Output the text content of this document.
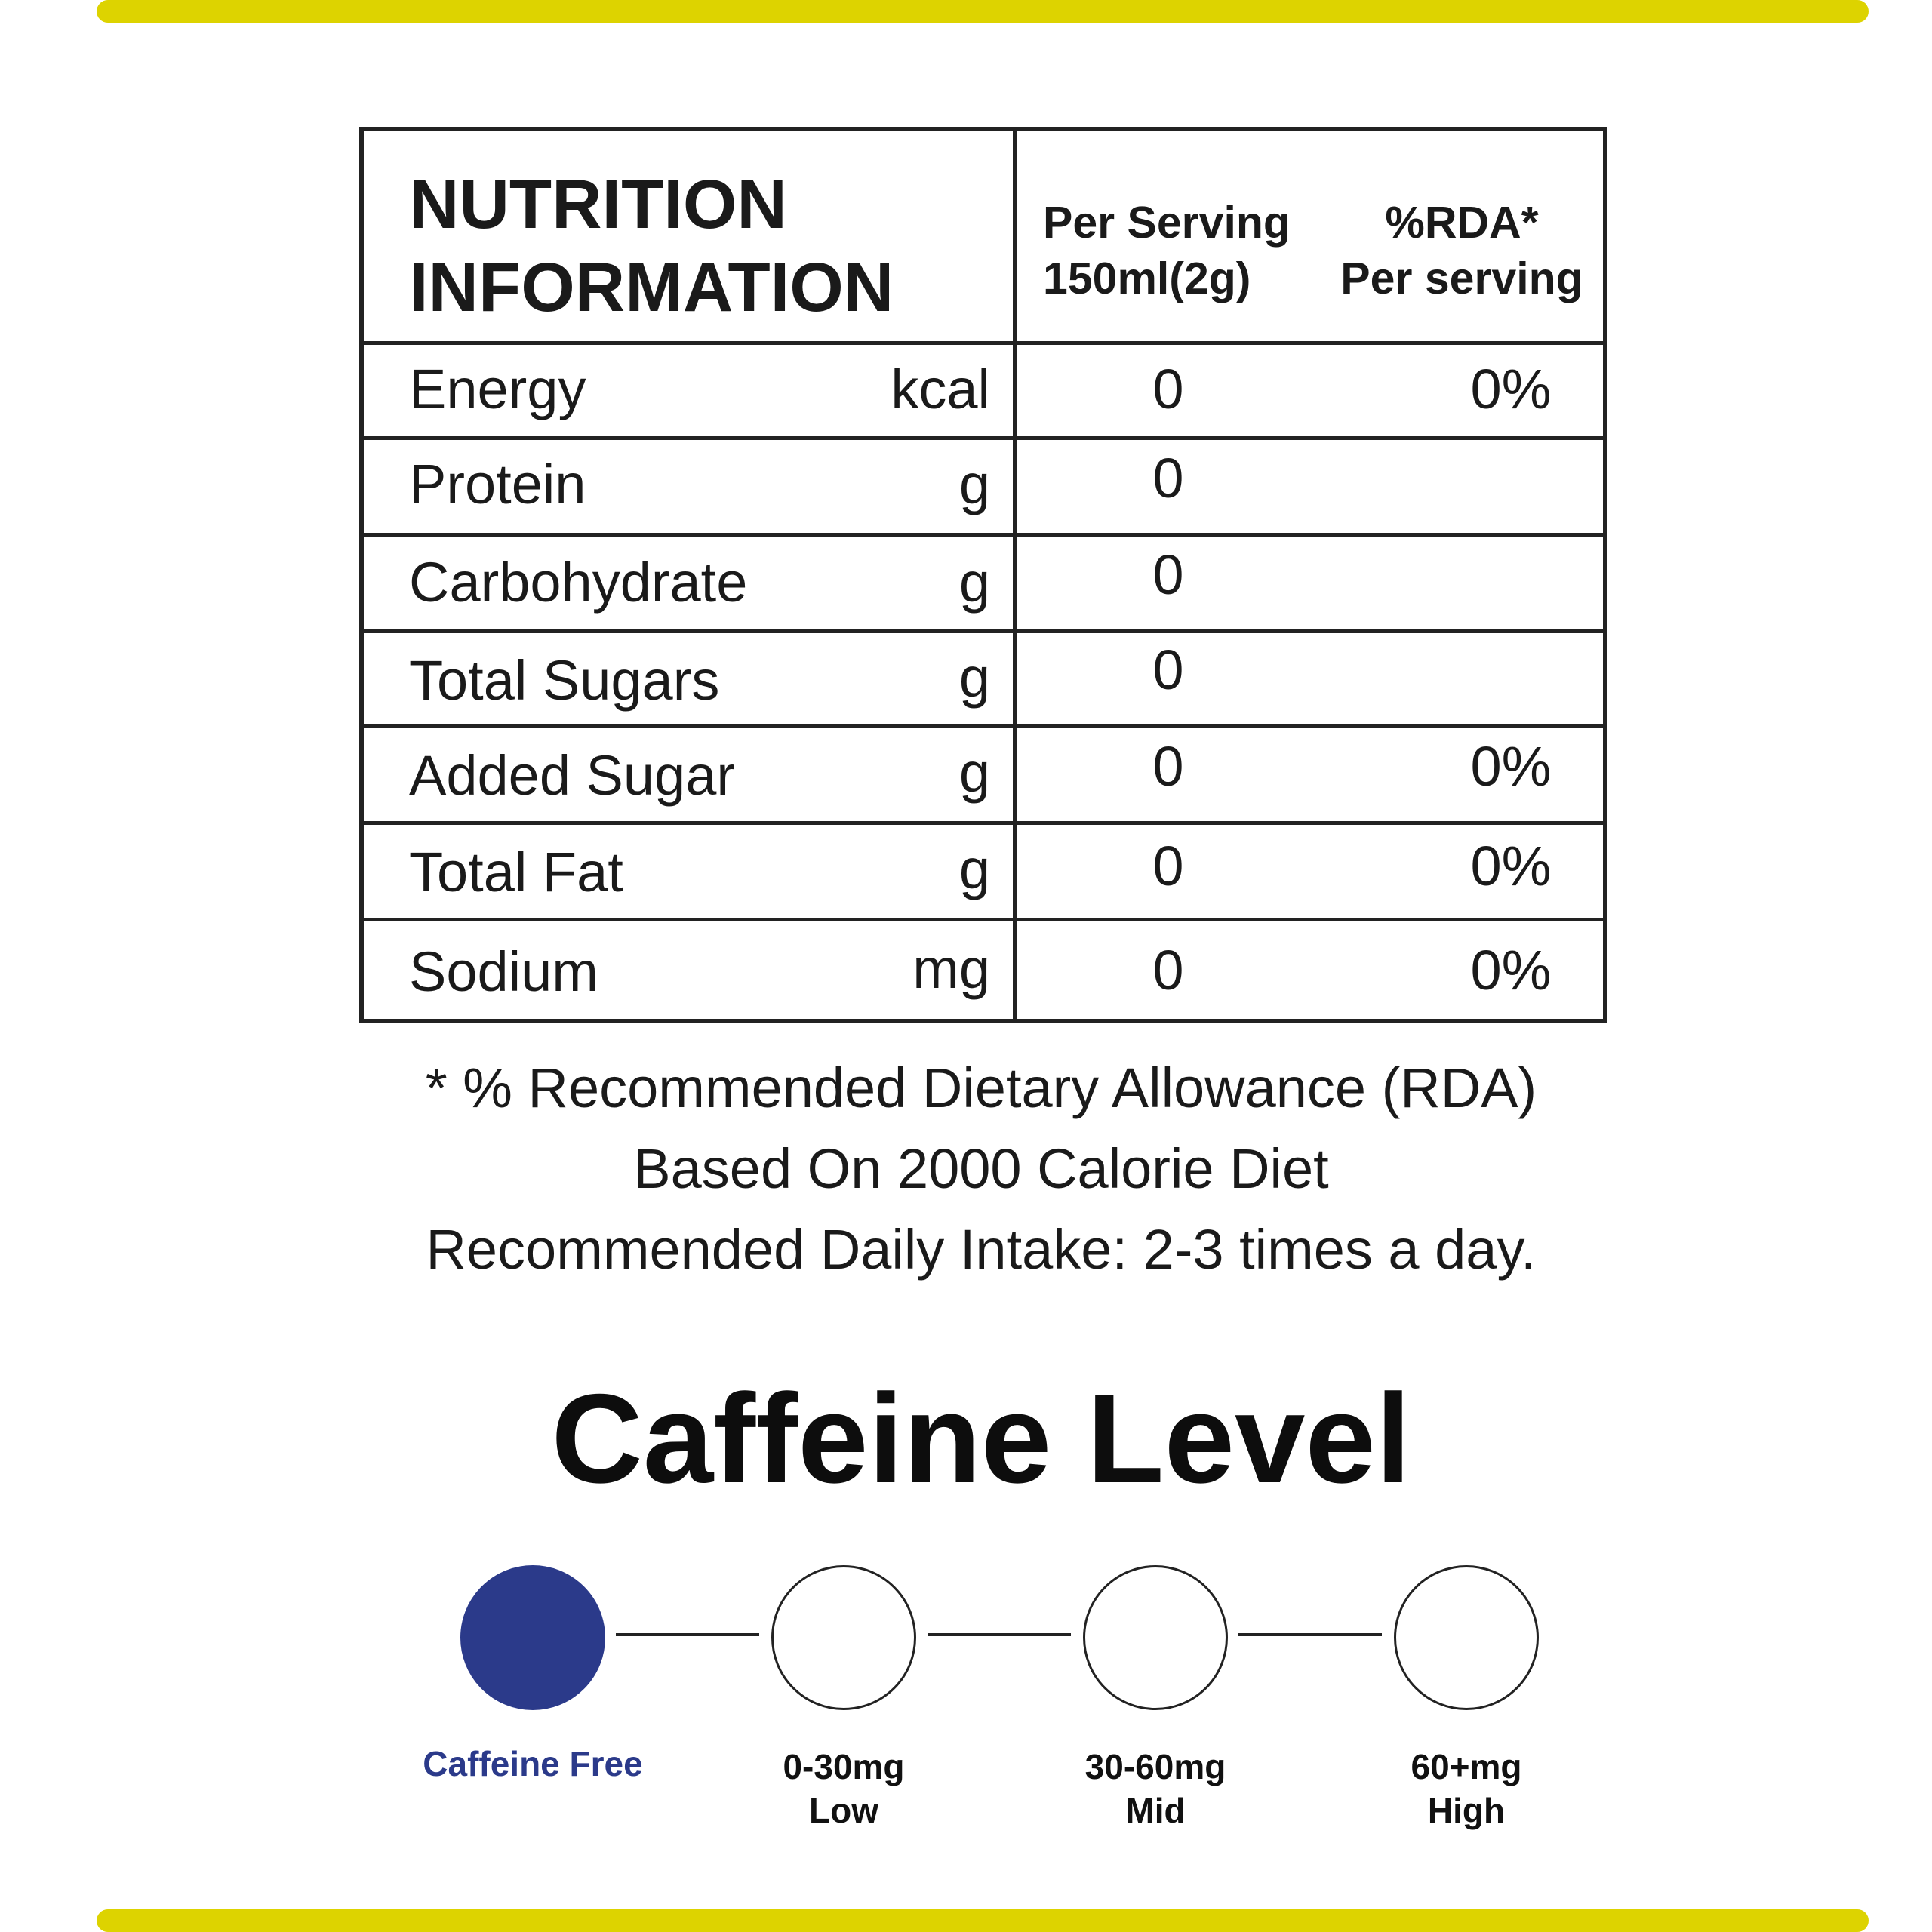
NUTRITION
INFORMATION
Per Serving
150ml(2g)
%RDA*
Per serving
Energy	kcal	0	0%
Protein	g	0
Carbohydrate	g	0
Total Sugars	g	0
Added Sugar	g	0	0%
Total Fat	g	0	0%
Sodium	mg	0	0%
* % Recommended Dietary Allowance (RDA)
Based On 2000 Calorie Diet
Recommended Daily Intake: 2-3 times a day.
Caffeine Level
Caffeine Free	0-30mg
Low
30-60mg
Mid
60+mg
High
